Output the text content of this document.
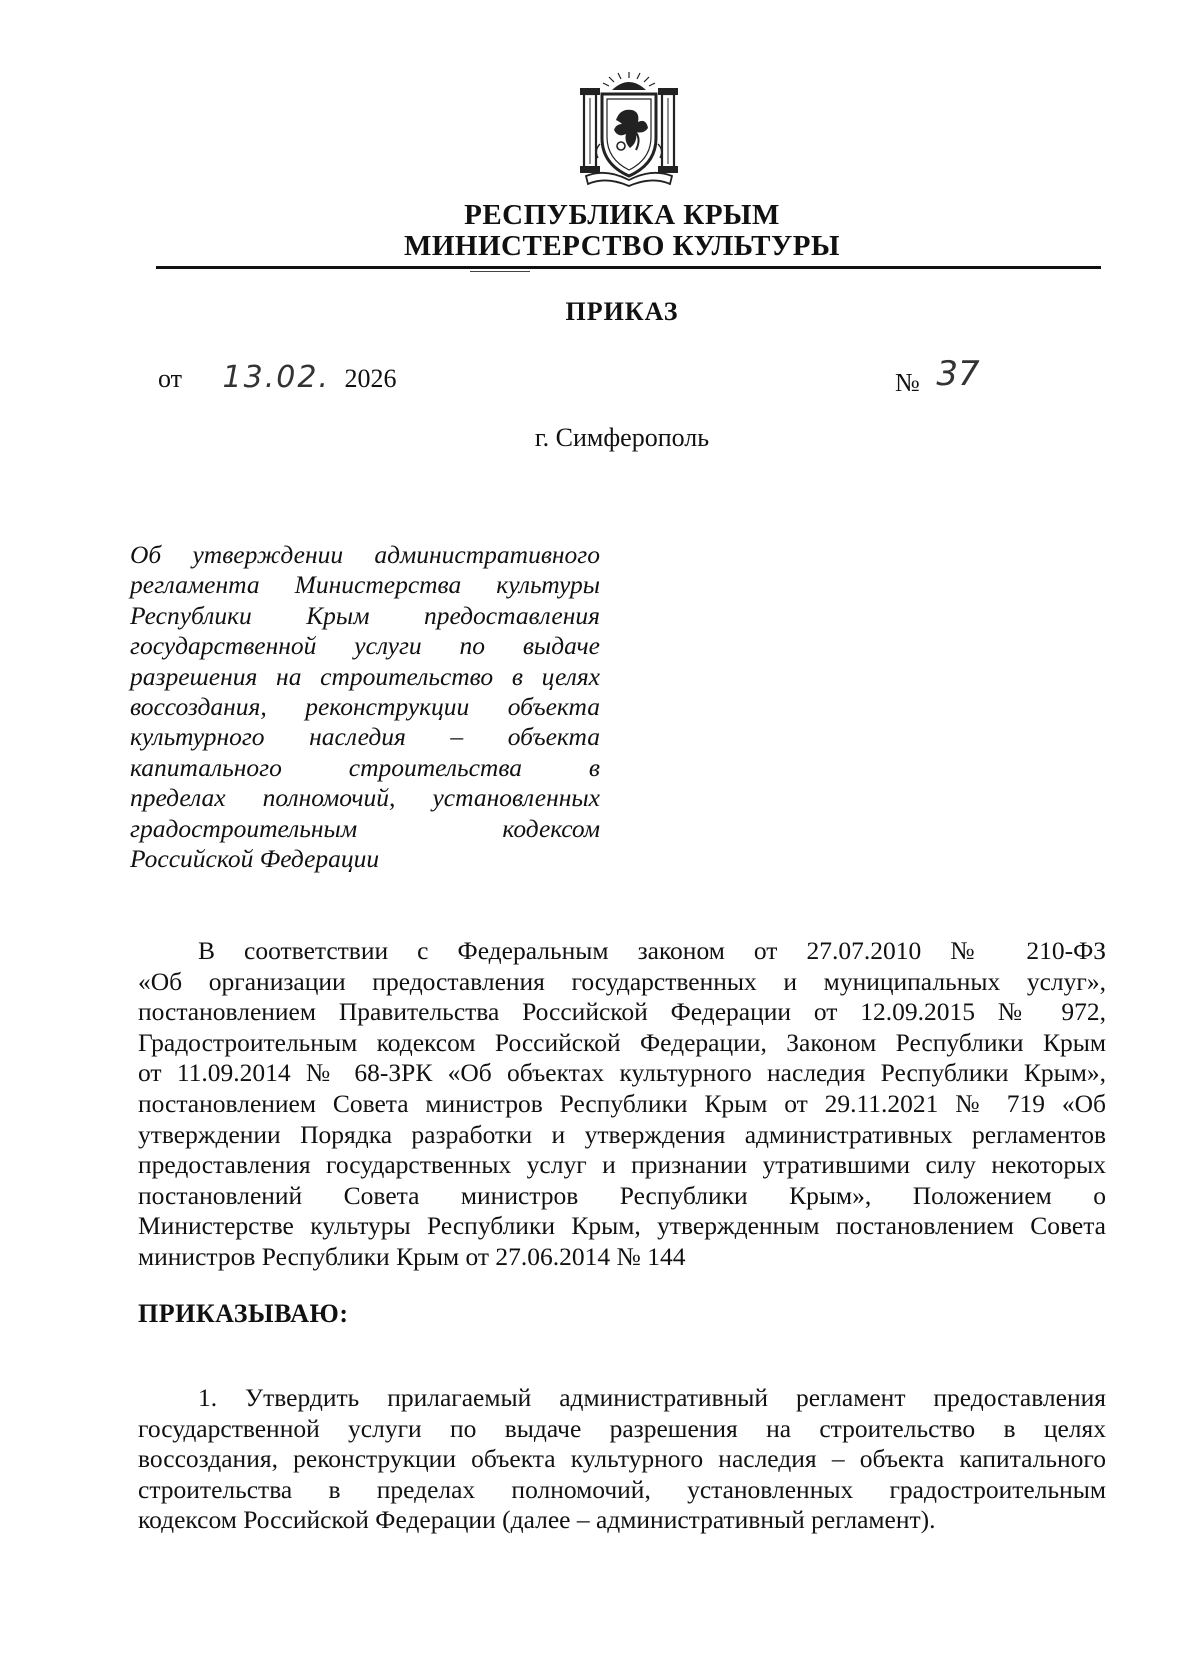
РЕСПУБЛИКА КРЫМ
МИНИСТЕРСТВО КУЛЬТУРЫ
ПРИКАЗ
от 13.02. 2026	№ 37
г. Симферополь
Об утверждении административного
регламента Министерства культуры
Республики Крым предоставления
государственной услуги по выдаче
разрешения на строительство в целях
воссоздания, реконструкции объекта
культурного наследия – объекта
капитального строительства в
пределах полномочий, установленных
градостроительным кодексом
Российской Федерации
В соответствии с Федеральным законом от 27.07.2010 № 210-ФЗ
«Об организации предоставления государственных и муниципальных услуг»,
постановлением Правительства Российской Федерации от 12.09.2015 № 972,
Градостроительным кодексом Российской Федерации, Законом Республики Крым
от 11.09.2014 № 68-ЗРК «Об объектах культурного наследия Республики Крым»,
постановлением Совета министров Республики Крым от 29.11.2021 № 719 «Об
утверждении Порядка разработки и утверждения административных регламентов
предоставления государственных услуг и признании утратившими силу некоторых
постановлений Совета министров Республики Крым», Положением о
Министерстве культуры Республики Крым, утвержденным постановлением Совета
министров Республики Крым от 27.06.2014 № 144
ПРИКАЗЫВАЮ:
1. Утвердить прилагаемый административный регламент предоставления
государственной услуги по выдаче разрешения на строительство в целях
воссоздания, реконструкции объекта культурного наследия – объекта капитального
строительства в пределах полномочий, установленных градостроительным
кодексом Российской Федерации (далее – административный регламент).
